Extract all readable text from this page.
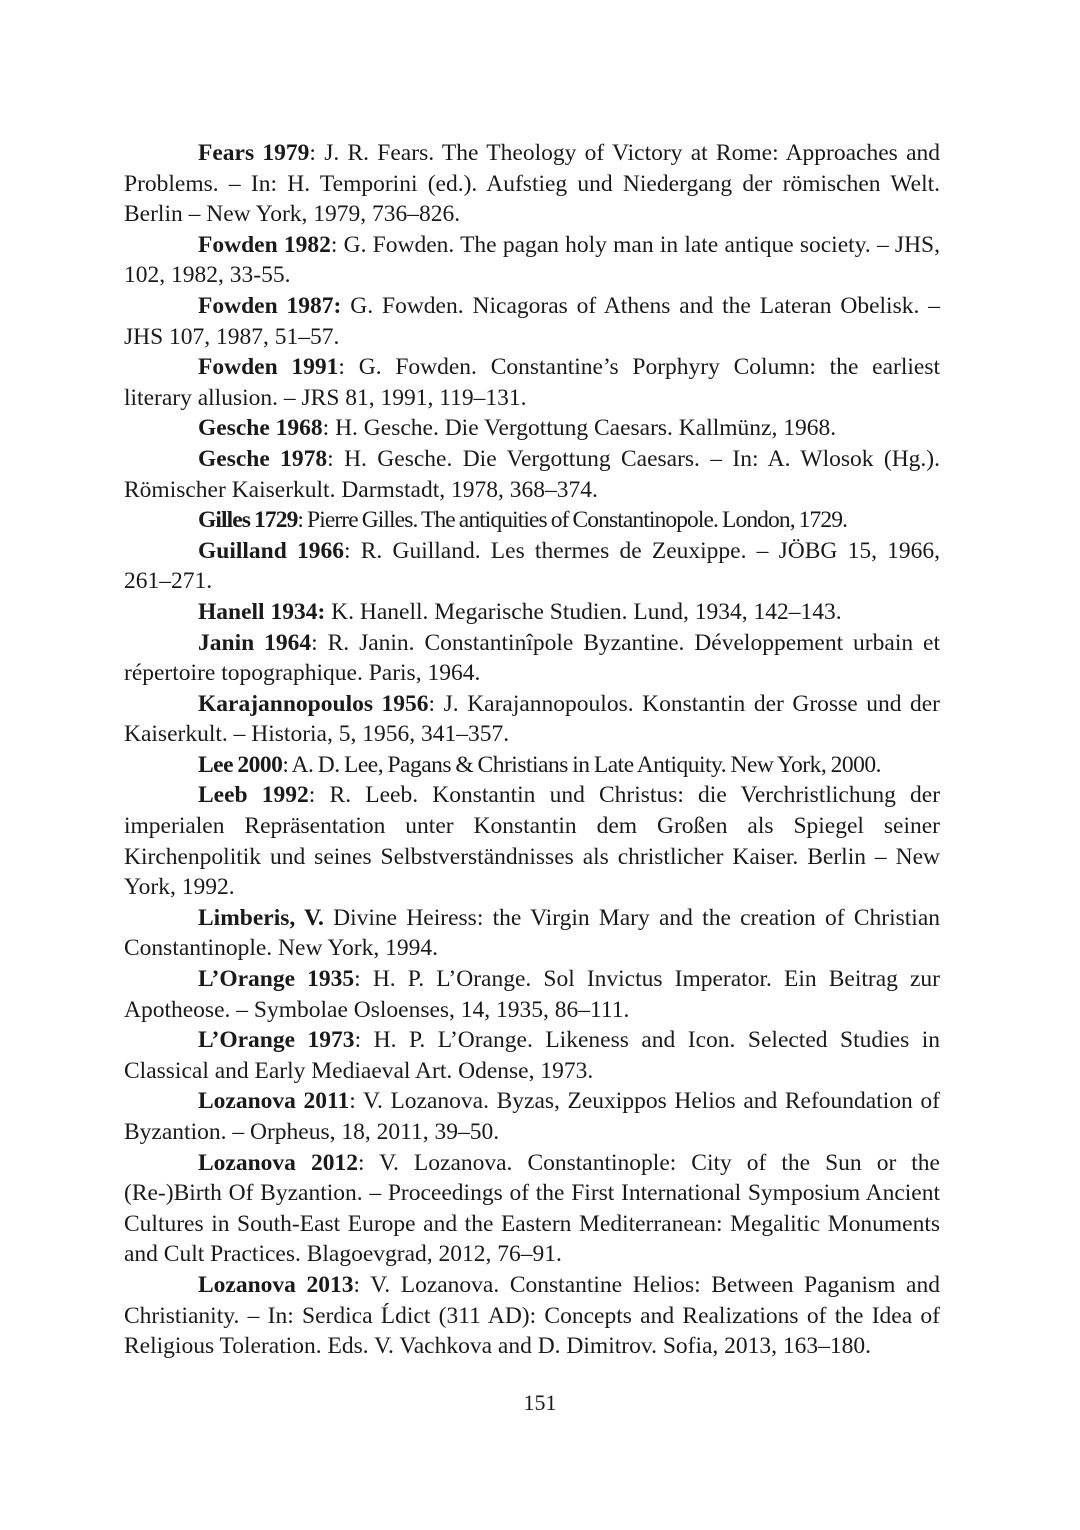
Fears 1979: J. R. Fears. The Theology of Victory at Rome: Approaches and Problems. – In: H. Temporini (ed.). Aufstieg und Niedergang der römischen Welt. Berlin – New York, 1979, 736–826.

Fowden 1982: G. Fowden. The pagan holy man in late antique society. – JHS, 102, 1982, 33-55.

Fowden 1987: G. Fowden. Nicagoras of Athens and the Lateran Obelisk. – JHS 107, 1987, 51–57.

Fowden 1991: G. Fowden. Constantine’s Porphyry Column: the earliest literary allusion. – JRS 81, 1991, 119–131.

Gesche 1968: H. Gesche. Die Vergottung Caesars. Kallmünz, 1968.

Gesche 1978: H. Gesche. Die Vergottung Caesars. – In: A. Wlosok (Hg.). Römischer Kaiserkult. Darmstadt, 1978, 368–374.

Gilles 1729: Pierre Gilles. The antiquities of Constantinopole. London, 1729.

Guilland 1966: R. Guilland. Les thermes de Zeuxippe. – JÖBG 15, 1966, 261–271.

Hanell 1934: K. Hanell. Megarische Studien. Lund, 1934, 142–143.

Janin 1964: R. Janin. Constantinîpole Byzantine. Développement urbain et répertoire topographique. Paris, 1964.

Karajannopoulos 1956: J. Karajannopoulos. Konstantin der Grosse und der Kaiserkult. – Historia, 5, 1956, 341–357.

Lee 2000: A. D. Lee, Pagans & Christians in Late Antiquity. New York, 2000.

Leeb 1992: R. Leeb. Konstantin und Christus: die Verchristlichung der imperialen Repräsentation unter Konstantin dem Großen als Spiegel seiner Kirchenpolitik und seines Selbstverständnisses als christlicher Kaiser. Berlin – New York, 1992.

Limberis, V. Divine Heiress: the Virgin Mary and the creation of Christian Constantinople. New York, 1994.

L’Orange 1935: H. P. L’Orange. Sol Invictus Imperator. Ein Beitrag zur Apotheose. – Symbolae Osloenses, 14, 1935, 86–111.

L’Orange 1973: H. P. L’Orange. Likeness and Icon. Selected Studies in Classical and Early Mediaeval Art. Odense, 1973.

Lozanova 2011: V. Lozanova. Byzas, Zeuxippos Helios and Refoundation of Byzantion. – Orpheus, 18, 2011, 39–50.

Lozanova 2012: V. Lozanova. Constantinople: City of the Sun or the (Re-)Birth Of Byzantion. – Proceedings of the First International Symposium Ancient Cultures in South-East Europe and the Eastern Mediterranean: Megalitic Monuments and Cult Practices. Blagoevgrad, 2012, 76–91.

Lozanova 2013: V. Lozanova. Constantine Helios: Between Paganism and Christianity. – In: Serdica Ĺdict (311 AD): Concepts and Realizations of the Idea of Religious Toleration. Eds. V. Vachkova and D. Dimitrov. Sofia, 2013, 163–180.

151
